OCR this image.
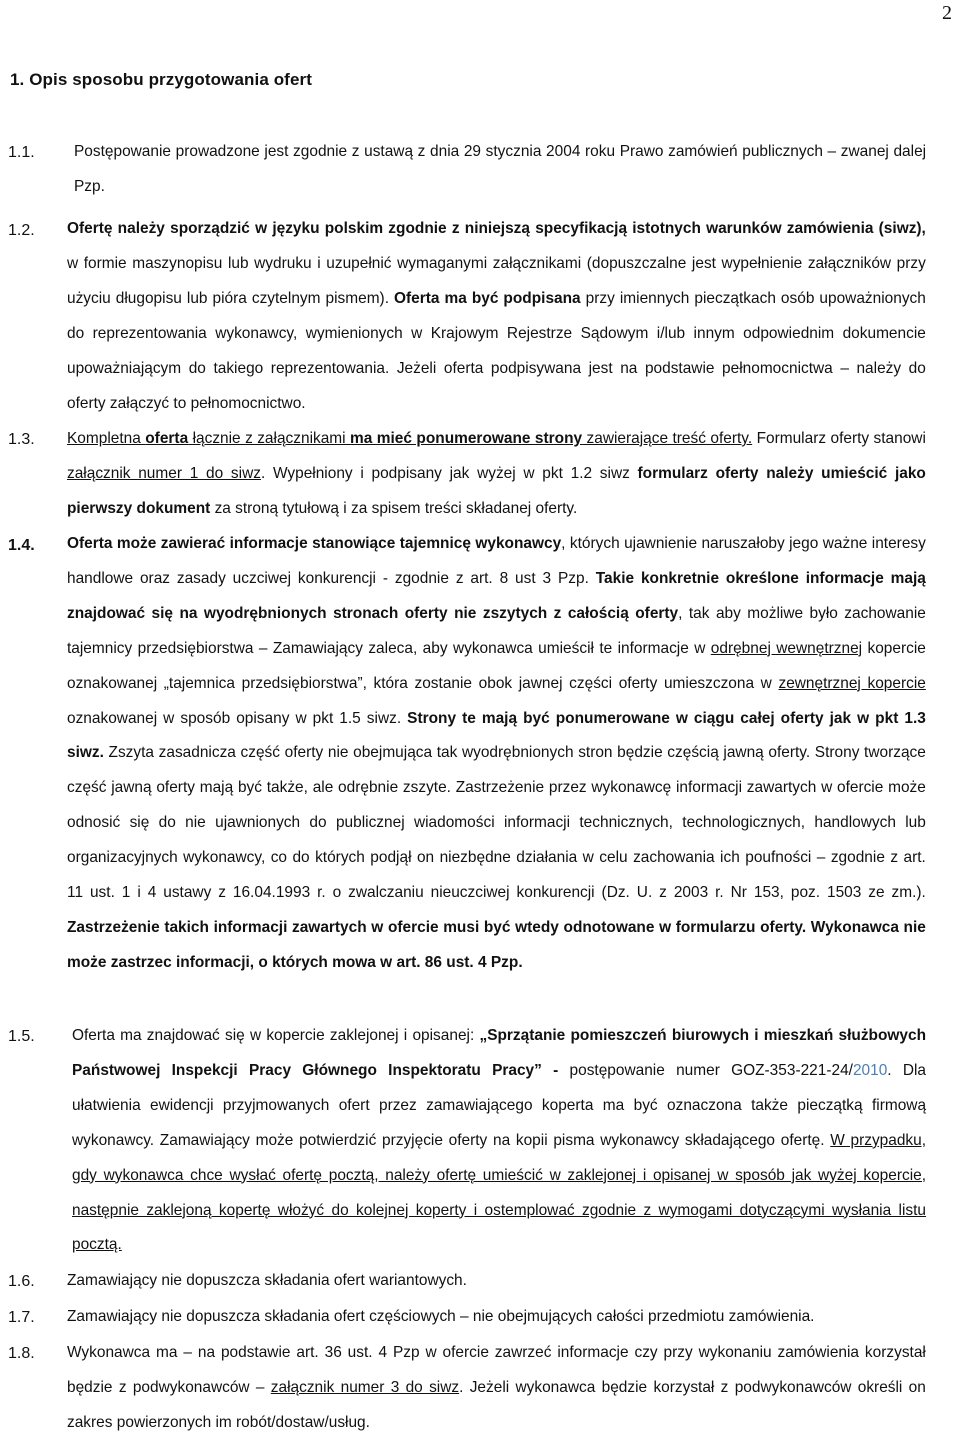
2
1. Opis sposobu przygotowania ofert
1.1. Postępowanie prowadzone jest zgodnie z ustawą z dnia 29 stycznia 2004 roku Prawo zamówień publicznych – zwanej dalej Pzp.
1.2. Ofertę należy sporządzić w języku polskim zgodnie z niniejszą specyfikacją istotnych warunków zamówienia (siwz), w formie maszynopisu lub wydruku i uzupełnić wymaganymi załącznikami (dopuszczalne jest wypełnienie załączników przy użyciu długopisu lub pióra czytelnym pismem). Oferta ma być podpisana przy imiennych pieczątkach osób upoważnionych do reprezentowania wykonawcy, wymienionych w Krajowym Rejestrze Sądowym i/lub innym odpowiednim dokumencie upoważniającym do takiego reprezentowania. Jeżeli oferta podpisywana jest na podstawie pełnomocnictwa – należy do oferty załączyć to pełnomocnictwo.
1.3. Kompletna oferta łącznie z załącznikami ma mieć ponumerowane strony zawierające treść oferty. Formularz oferty stanowi załącznik numer 1 do siwz. Wypełniony i podpisany jak wyżej w pkt 1.2 siwz formularz oferty należy umieścić jako pierwszy dokument za stroną tytułową i za spisem treści składanej oferty.
1.4. Oferta może zawierać informacje stanowiące tajemnicę wykonawcy, których ujawnienie naruszałoby jego ważne interesy handlowe oraz zasady uczciwej konkurencji - zgodnie z art. 8 ust 3 Pzp. Takie konkretnie określone informacje mają znajdować się na wyodrębnionych stronach oferty nie zszytych z całością oferty, tak aby możliwe było zachowanie tajemnicy przedsiębiorstwa – Zamawiający zaleca, aby wykonawca umieścił te informacje w odrębnej wewnętrznej kopercie oznakowanej „tajemnica przedsiębiorstwa”, która zostanie obok jawnej części oferty umieszczona w zewnętrznej kopercie oznakowanej w sposób opisany w pkt 1.5 siwz. Strony te mają być ponumerowane w ciągu całej oferty jak w pkt 1.3 siwz. Zszyta zasadnicza część oferty nie obejmująca tak wyodrębnionych stron będzie częścią jawną oferty. Strony tworzące część jawną oferty mają być także, ale odrębnie zszyte. Zastrzeżenie przez wykonawcę informacji zawartych w ofercie może odnosić się do nie ujawnionych do publicznej wiadomości informacji technicznych, technologicznych, handlowych lub organizacyjnych wykonawcy, co do których podjął on niezbędne działania w celu zachowania ich poufności – zgodnie z art. 11 ust. 1 i 4 ustawy z 16.04.1993 r. o zwalczaniu nieuczciwej konkurencji (Dz. U. z 2003 r. Nr 153, poz. 1503 ze zm.). Zastrzeżenie takich informacji zawartych w ofercie musi być wtedy odnotowane w formularzu oferty. Wykonawca nie może zastrzec informacji, o których mowa w art. 86 ust. 4 Pzp.
1.5. Oferta ma znajdować się w kopercie zaklejonej i opisanej: „Sprzątanie pomieszczeń biurowych i mieszkań służbowych Państwowej Inspekcji Pracy Głównego Inspektoratu Pracy” - postępowanie numer GOZ-353-221-24/2010. Dla ułatwienia ewidencji przyjmowanych ofert przez zamawiającego koperta ma być oznaczona także pieczątką firmową wykonawcy. Zamawiający może potwierdzić przyjęcie oferty na kopii pisma wykonawcy składającego ofertę. W przypadku, gdy wykonawca chce wysłać ofertę pocztą, należy ofertę umieścić w zaklejonej i opisanej w sposób jak wyżej kopercie, następnie zaklejoną kopertę włożyć do kolejnej koperty i ostemplować zgodnie z wymogami dotyczącymi wysłania listu pocztą.
1.6. Zamawiający nie dopuszcza składania ofert wariantowych.
1.7. Zamawiający nie dopuszcza składania ofert częściowych – nie obejmujących całości przedmiotu zamówienia.
1.8. Wykonawca ma – na podstawie art. 36 ust. 4 Pzp w ofercie zawrzeć informacje czy przy wykonaniu zamówienia korzystał będzie z podwykonawców – załącznik numer 3 do siwz. Jeżeli wykonawca będzie korzystał z podwykonawców określi on zakres powierzonych im robót/dostaw/usług.
